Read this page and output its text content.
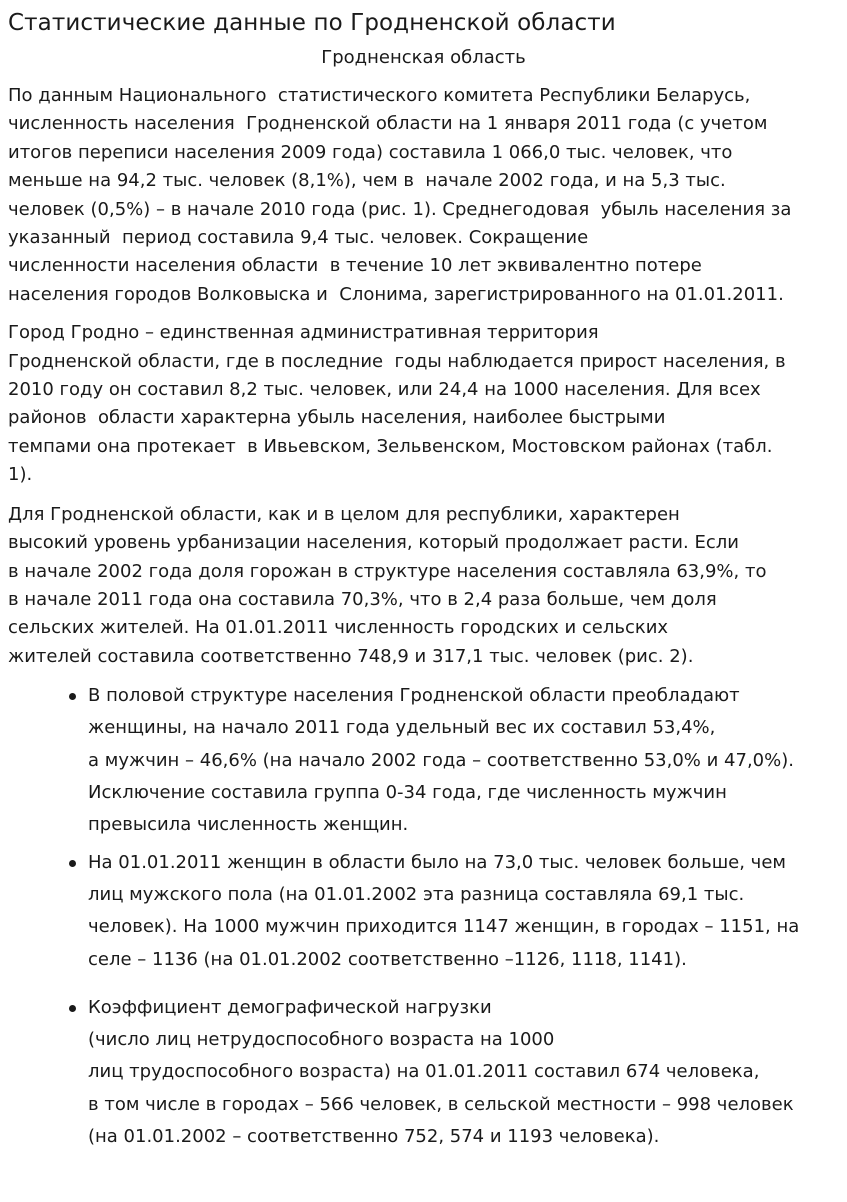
Статистические данные по Гродненской области
Гродненская область

По данным Национального  статистического комитета Республики Беларусь,
численность населения  Гродненской области на 1 января 2011 года (с учетом
итогов переписи населения 2009 года) составила 1 066,0 тыс. человек, что
меньше на 94,2 тыс. человек (8,1%), чем в  начале 2002 года, и на 5,3 тыс.
человек (0,5%) – в начале 2010 года (рис. 1). Среднегодовая  убыль населения за
указанный  период составила 9,4 тыс. человек. Сокращение
численности населения области  в течение 10 лет эквивалентно потере
населения городов Волковыска и  Слонима, зарегистрированного на 01.01.2011.

Город Гродно – единственная административная территория
Гродненской области, где в последние  годы наблюдается прирост населения, в
2010 году он составил 8,2 тыс. человек, или 24,4 на 1000 населения. Для всех
районов  области характерна убыль населения, наиболее быстрыми
темпами она протекает  в Ивьевском, Зельвенском, Мостовском районах (табл.
1).

Для Гродненской области, как и в целом для республики, характерен
высокий уровень урбанизации населения, который продолжает расти. Если
в начале 2002 года доля горожан в структуре населения составляла 63,9%, то
в начале 2011 года она составила 70,3%, что в 2,4 раза больше, чем доля
сельских жителей. На 01.01.2011 численность городских и сельских
жителей составила соответственно 748,9 и 317,1 тыс. человек (рис. 2).

В половой структуре населения Гродненской области преобладают
женщины, на начало 2011 года удельный вес их составил 53,4%,
а мужчин – 46,6% (на начало 2002 года – соответственно 53,0% и 47,0%).
Исключение составила группа 0-34 года, где численность мужчин
превысила численность женщин.
На 01.01.2011 женщин в области было на 73,0 тыс. человек больше, чем
лиц мужского пола (на 01.01.2002 эта разница составляла 69,1 тыс.
человек). На 1000 мужчин приходится 1147 женщин, в городах – 1151, на
селе – 1136 (на 01.01.2002 соответственно –1126, 1118, 1141).
Коэффициент демографической нагрузки
(число лиц нетрудоспособного возраста на 1000
лиц трудоспособного возраста) на 01.01.2011 составил 674 человека,
в том числе в городах – 566 человек, в сельской местности – 998 человек
(на 01.01.2002 – соответственно 752, 574 и 1193 человека).
